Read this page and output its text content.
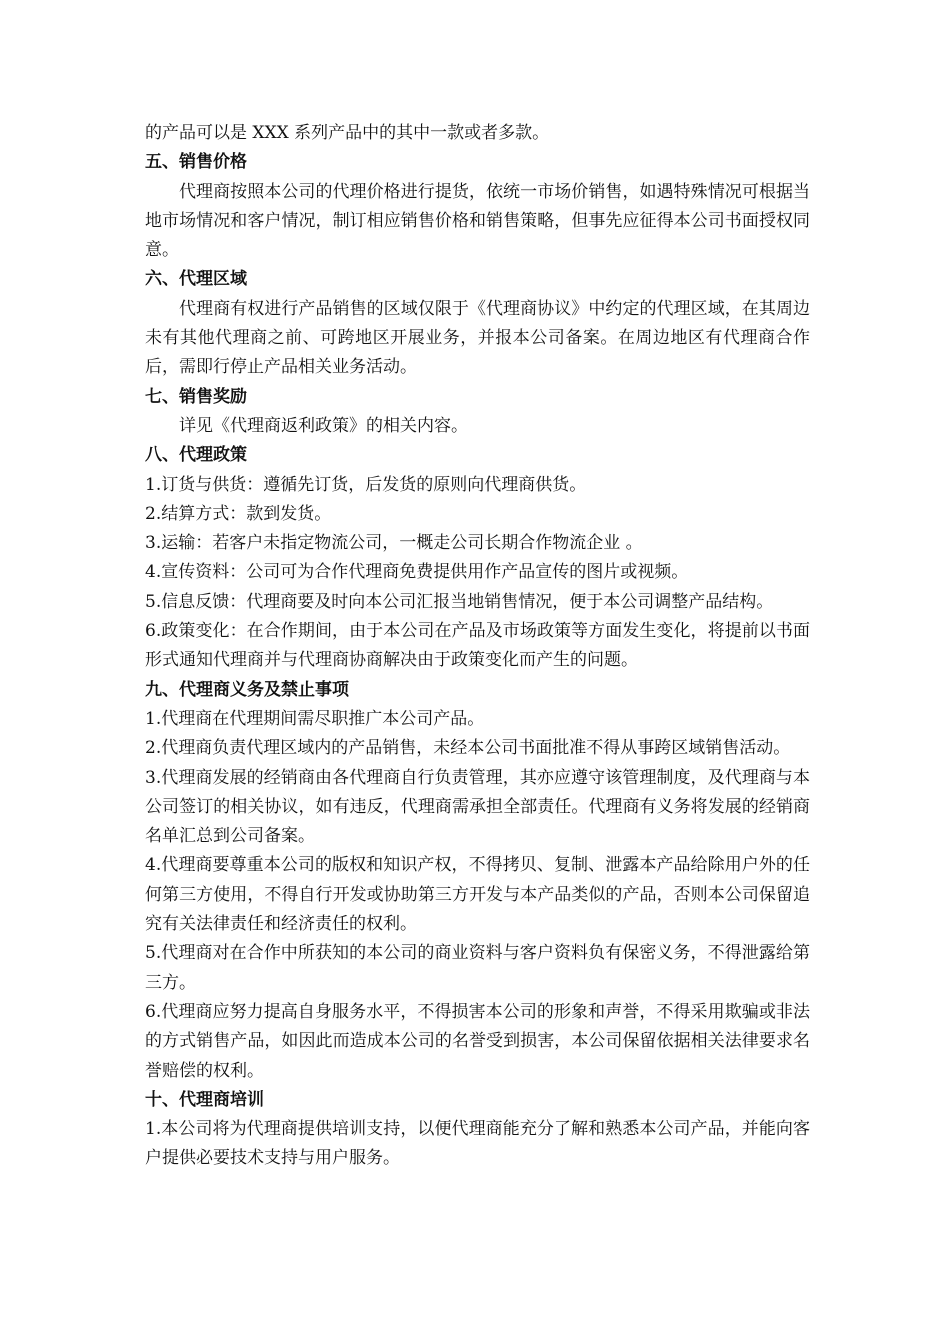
的产品可以是 XXX 系列产品中的其中一款或者多款。

五、销售价格

代理商按照本公司的代理价格进行提货，依统一市场价销售，如遇特殊情况可根据当地市场情况和客户情况，制订相应销售价格和销售策略，但事先应征得本公司书面授权同意。

六、代理区域

代理商有权进行产品销售的区域仅限于《代理商协议》中约定的代理区域，在其周边未有其他代理商之前、可跨地区开展业务，并报本公司备案。在周边地区有代理商合作后，需即行停止产品相关业务活动。

七、销售奖励

详见《代理商返利政策》的相关内容。

八、代理政策

1.订货与供货：遵循先订货，后发货的原则向代理商供货。

2.结算方式：款到发货。

3.运输：若客户未指定物流公司，一概走公司长期合作物流企业 。

4.宣传资料：公司可为合作代理商免费提供用作产品宣传的图片或视频。

5.信息反馈：代理商要及时向本公司汇报当地销售情况，便于本公司调整产品结构。

6.政策变化：在合作期间，由于本公司在产品及市场政策等方面发生变化，将提前以书面形式通知代理商并与代理商协商解决由于政策变化而产生的问题。

九、代理商义务及禁止事项

1.代理商在代理期间需尽职推广本公司产品。

2.代理商负责代理区域内的产品销售，未经本公司书面批准不得从事跨区域销售活动。

3.代理商发展的经销商由各代理商自行负责管理，其亦应遵守该管理制度，及代理商与本公司签订的相关协议，如有违反，代理商需承担全部责任。代理商有义务将发展的经销商名单汇总到公司备案。

4.代理商要尊重本公司的版权和知识产权，不得拷贝、复制、泄露本产品给除用户外的任何第三方使用，不得自行开发或协助第三方开发与本产品类似的产品，否则本公司保留追究有关法律责任和经济责任的权利。

5.代理商对在合作中所获知的本公司的商业资料与客户资料负有保密义务，不得泄露给第三方。

6.代理商应努力提高自身服务水平，不得损害本公司的形象和声誉，不得采用欺骗或非法的方式销售产品，如因此而造成本公司的名誉受到损害，本公司保留依据相关法律要求名誉赔偿的权利。

十、代理商培训

1.本公司将为代理商提供培训支持，以便代理商能充分了解和熟悉本公司产品，并能向客户提供必要技术支持与用户服务。
